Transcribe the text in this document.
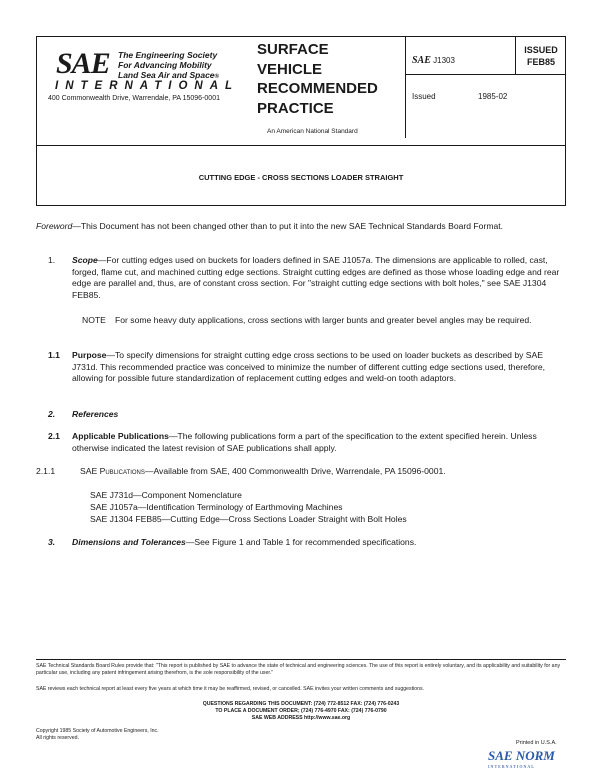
SAE The Engineering Society
For Advancing Mobility
Land Sea Air and Space®
INTERNATIONAL
400 Commonwealth Drive, Warrendale, PA 15096-0001
SURFACE
VEHICLE
RECOMMENDED
PRACTICE
An American National Standard
SAE J1303
ISSUED
FEB85
Issued	1985-02
CUTTING EDGE - CROSS SECTIONS LOADER STRAIGHT
Foreword—This Document has not been changed other than to put it into the new SAE Technical Standards Board Format.
1.	Scope—For cutting edges used on buckets for loaders defined in SAE J1057a. The dimensions are applicable to rolled, cast, forged, flame cut, and machined cutting edge sections. Straight cutting edges are defined as those whose loading edge and rear edge are parallel and, thus, are of constant cross section. For "straight cutting edge sections with bolt holes," see SAE J1304 FEB85.
NOTE	For some heavy duty applications, cross sections with larger bunts and greater bevel angles may be required.
1.1	Purpose—To specify dimensions for straight cutting edge cross sections to be used on loader buckets as described by SAE J731d. This recommended practice was conceived to minimize the number of different cutting edge sections used, therefore, allowing for possible future standardization of replacement cutting edges and weld-on tooth adaptors.
2.	References
2.1	Applicable Publications—The following publications form a part of the specification to the extent specified herein. Unless otherwise indicated the latest revision of SAE publications shall apply.
2.1.1	SAE Publications—Available from SAE, 400 Commonwealth Drive, Warrendale, PA 15096-0001.
SAE J731d—Component Nomenclature
SAE J1057a—Identification Terminology of Earthmoving Machines
SAE J1304 FEB85—Cutting Edge—Cross Sections Loader Straight with Bolt Holes
3.	Dimensions and Tolerances—See Figure 1 and Table 1 for recommended specifications.
SAE Technical Standards Board Rules provide that: "This report is published by SAE to advance the state of technical and engineering sciences. The use of this report is entirely voluntary, and its applicability and suitability for any particular use, including any patent infringement arising therefrom, is the sole responsibility of the user."
SAE reviews each technical report at least every five years at which time it may be reaffirmed, revised, or cancelled. SAE invites your written comments and suggestions.
QUESTIONS REGARDING THIS DOCUMENT: (724) 772-8512 FAX: (724) 776-0243
TO PLACE A DOCUMENT ORDER; (724) 776-4970 FAX: (724) 776-0790
SAE WEB ADDRESS http://www.sae.org
Copyright 1985 Society of Automotive Engineers, Inc.
All rights reserved.
Printed in U.S.A.
SAE NORM
INTERNATIONAL
